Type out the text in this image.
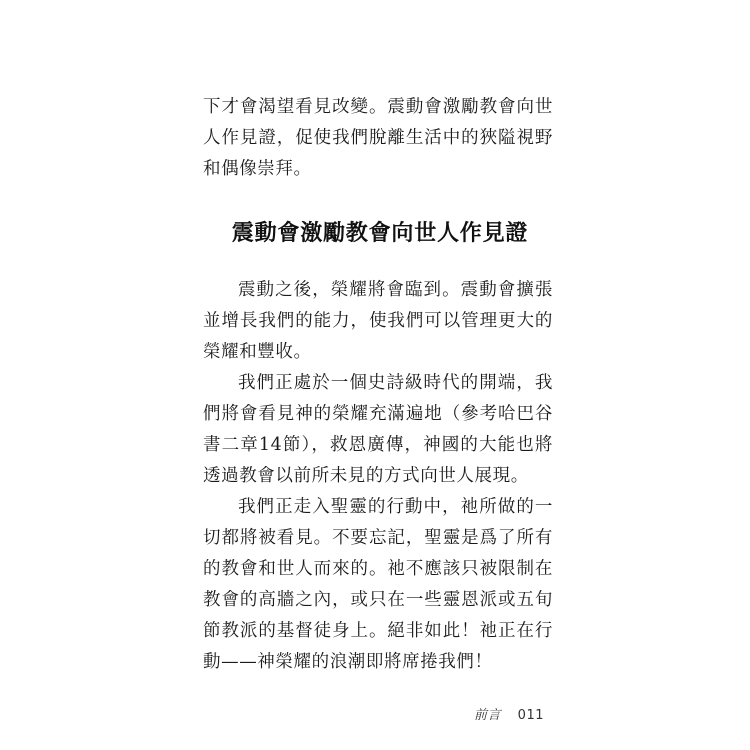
下才會渴望看見改變。震動會激勵教會向世人作見證，促使我們脫離生活中的狹隘視野和偶像崇拜。

震動會激勵教會向世人作見證

震動之後，榮耀將會臨到。震動會擴張並增長我們的能力，使我們可以管理更大的榮耀和豐收。

我們正處於一個史詩級時代的開端，我們將會看見神的榮耀充滿遍地（參考哈巴谷書二章14節），救恩廣傳，神國的大能也將透過教會以前所未見的方式向世人展現。

我們正走入聖靈的行動中，祂所做的一切都將被看見。不要忘記，聖靈是爲了所有的教會和世人而來的。祂不應該只被限制在教會的高牆之內，或只在一些靈恩派或五旬節教派的基督徒身上。絕非如此！祂正在行動——神榮耀的浪潮即將席捲我們！

前言 011
